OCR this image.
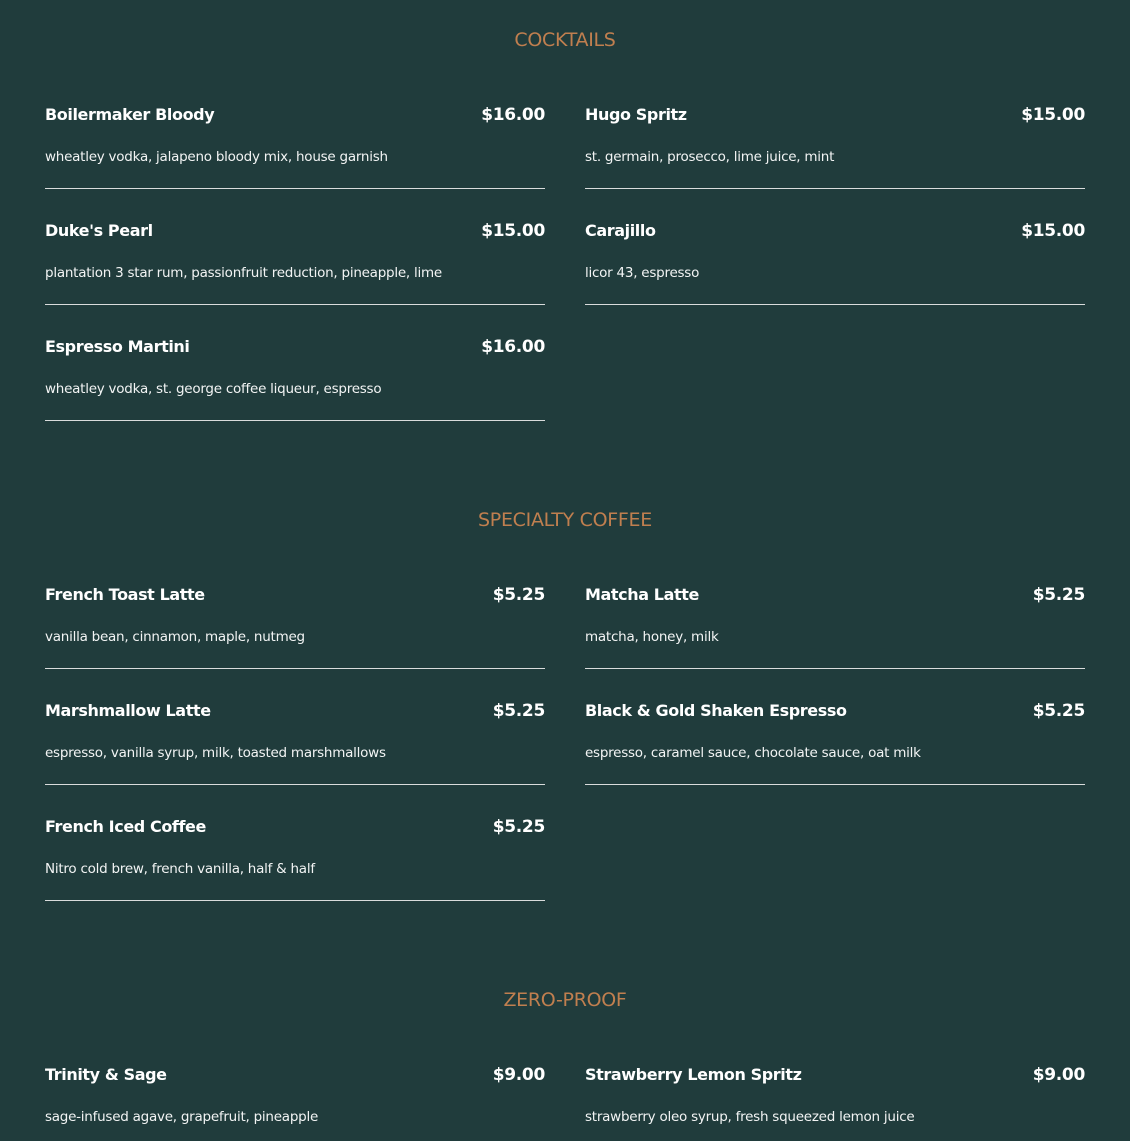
COCKTAILS
Boilermaker Bloody	$16.00
wheatley vodka, jalapeno bloody mix, house garnish
Hugo Spritz	$15.00
st. germain, prosecco, lime juice, mint
Duke's Pearl	$15.00
plantation 3 star rum, passionfruit reduction, pineapple, lime
Carajillo	$15.00
licor 43, espresso
Espresso Martini	$16.00
wheatley vodka, st. george coffee liqueur, espresso
SPECIALTY COFFEE
French Toast Latte	$5.25
vanilla bean, cinnamon, maple, nutmeg
Matcha Latte	$5.25
matcha, honey, milk
Marshmallow Latte	$5.25
espresso, vanilla syrup, milk, toasted marshmallows
Black & Gold Shaken Espresso	$5.25
espresso, caramel sauce, chocolate sauce, oat milk
French Iced Coffee	$5.25
Nitro cold brew, french vanilla, half & half
ZERO-PROOF
Trinity & Sage	$9.00
sage-infused agave, grapefruit, pineapple
Strawberry Lemon Spritz	$9.00
strawberry oleo syrup, fresh squeezed lemon juice
